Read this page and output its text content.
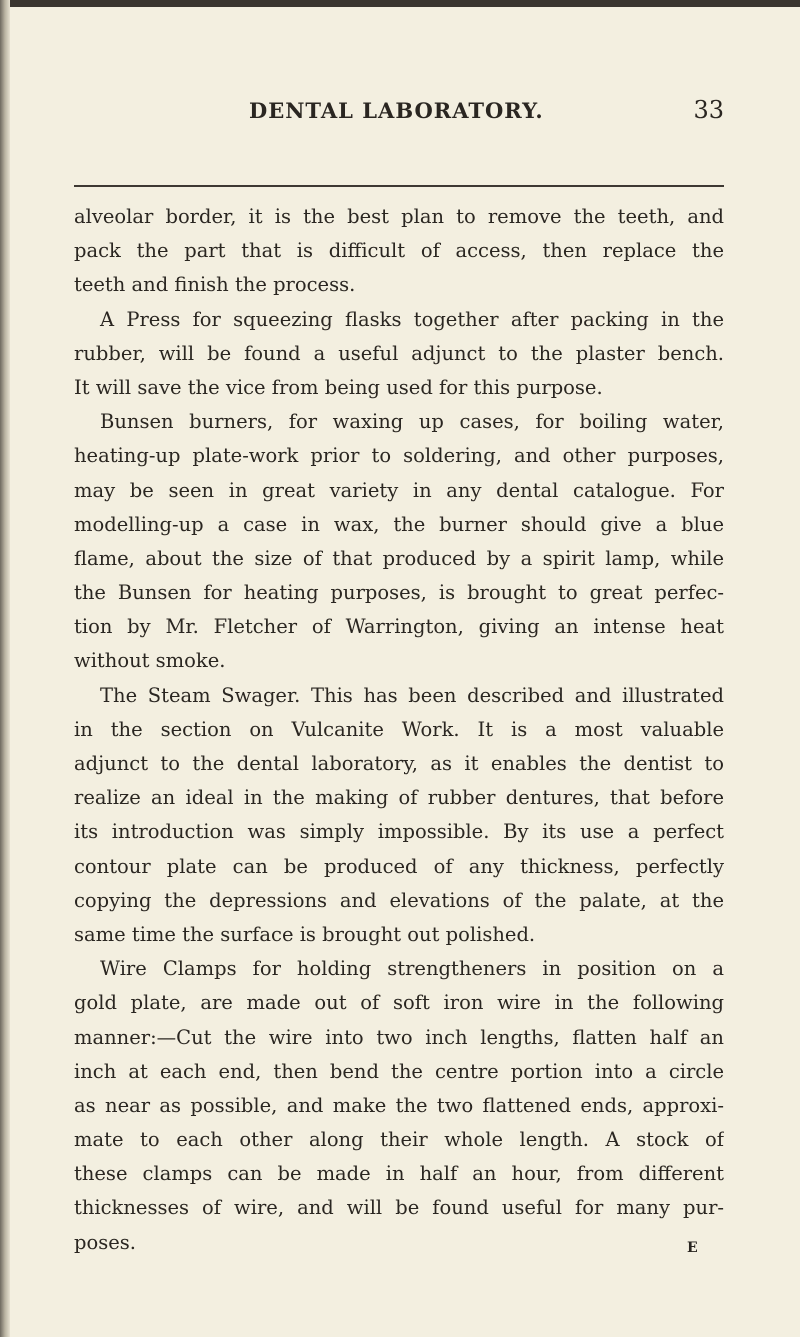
DENTAL LABORATORY.	33
alveolar border, it is the best plan to remove the teeth, and
pack the part that is difficult of access, then replace the
teeth and finish the process.
A Press for squeezing flasks together after packing in the
rubber, will be found a useful adjunct to the plaster bench.
It will save the vice from being used for this purpose.
Bunsen burners, for waxing up cases, for boiling water,
heating-up plate-work prior to soldering, and other purposes,
may be seen in great variety in any dental catalogue. For
modelling-up a case in wax, the burner should give a blue
flame, about the size of that produced by a spirit lamp, while
the Bunsen for heating purposes, is brought to great perfec-
tion by Mr. Fletcher of Warrington, giving an intense heat
without smoke.
The Steam Swager. This has been described and illustrated
in the section on Vulcanite Work. It is a most valuable
adjunct to the dental laboratory, as it enables the dentist to
realize an ideal in the making of rubber dentures, that before
its introduction was simply impossible. By its use a perfect
contour plate can be produced of any thickness, perfectly
copying the depressions and elevations of the palate, at the
same time the surface is brought out polished.
Wire Clamps for holding strengtheners in position on a
gold plate, are made out of soft iron wire in the following
manner:—Cut the wire into two inch lengths, flatten half an
inch at each end, then bend the centre portion into a circle
as near as possible, and make the two flattened ends, approxi-
mate to each other along their whole length. A stock of
these clamps can be made in half an hour, from different
thicknesses of wire, and will be found useful for many pur-
poses.	E
